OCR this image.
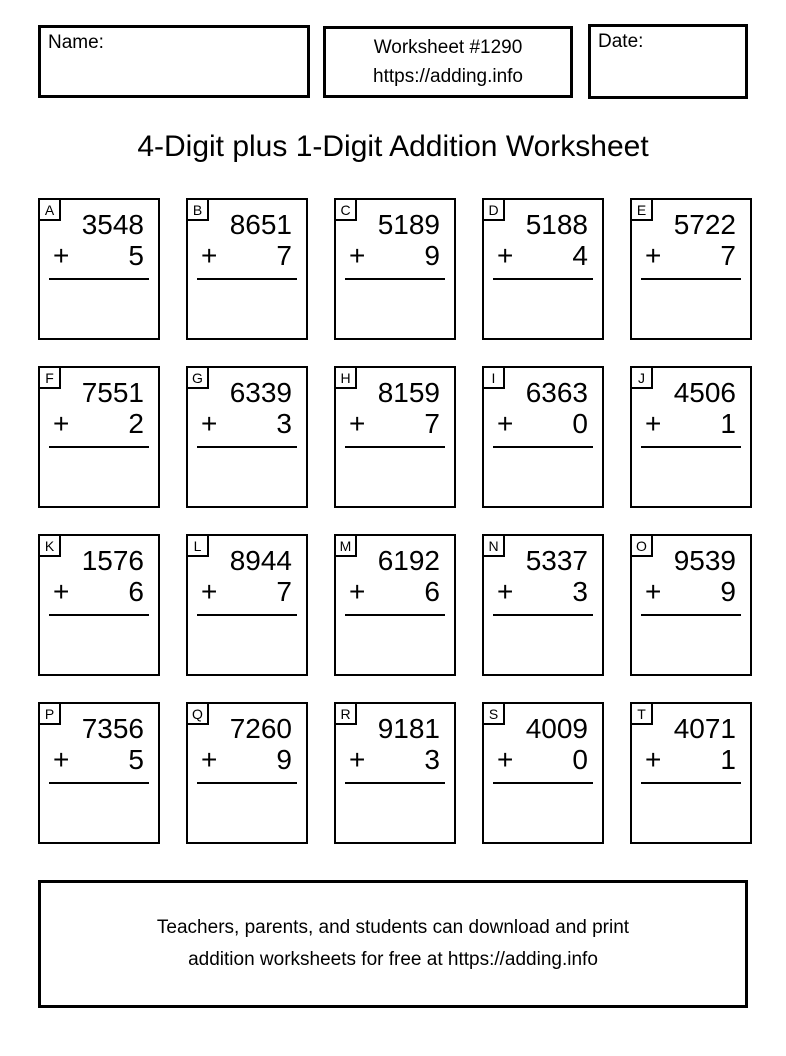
Name:	Worksheet #1290
https://adding.info
Date:
4-Digit plus 1-Digit Addition Worksheet
A 3548
+ 5
B 8651
+ 7
C 5189
+ 9
D 5188
+ 4
E 5722
+ 7
F 7551
+ 2
G 6339
+ 3
H 8159
+ 7
I	6363
+ 0
J	4506
+ 1
K 1576
+ 6
L	8944
+ 7
M 6192
+ 6
N 5337
+ 3
O 9539
+ 9
P 7356
+ 5
Q 7260
+ 9
R 9181
+ 3
S 4009
+ 0
T 4071
+ 1
Teachers, parents, and students can download and print
addition worksheets for free at https://adding.info
